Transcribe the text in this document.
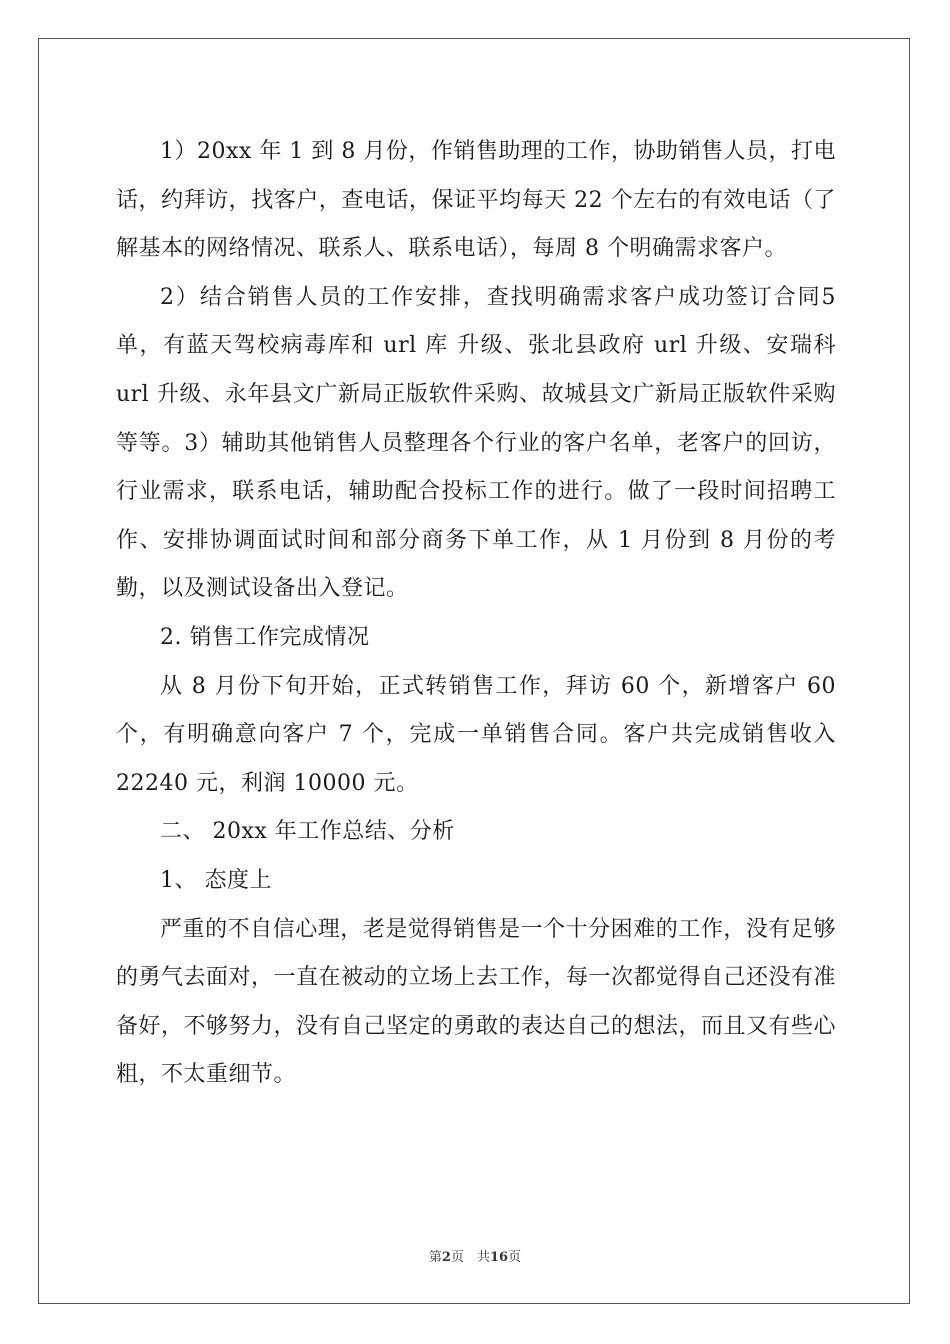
1）20xx 年 1 到 8 月份，作销售助理的工作，协助销售人员，打电话，约拜访，找客户，查电话，保证平均每天 22 个左右的有效电话（了解基本的网络情况、联系人、联系电话），每周 8 个明确需求客户。

2）结合销售人员的工作安排，查找明确需求客户成功签订合同5 单，有蓝天驾校病毒库和 url 库 升级、张北县政府 url 升级、安瑞科 url 升级、永年县文广新局正版软件采购、故城县文广新局正版软件采购等等。3）辅助其他销售人员整理各个行业的客户名单，老客户的回访，行业需求，联系电话，辅助配合投标工作的进行。做了一段时间招聘工作、安排协调面试时间和部分商务下单工作，从 1 月份到 8 月份的考勤，以及测试设备出入登记。

2. 销售工作完成情况

从 8 月份下旬开始，正式转销售工作，拜访 60 个，新增客户 60 个，有明确意向客户 7 个，完成一单销售合同。客户共完成销售收入22240 元，利润 10000 元。

二、 20xx 年工作总结、分析

1、 态度上

严重的不自信心理，老是觉得销售是一个十分困难的工作，没有足够的勇气去面对，一直在被动的立场上去工作，每一次都觉得自己还没有准备好，不够努力，没有自己坚定的勇敢的表达自己的想法，而且又有些心粗，不太重细节。

第2页　共16页
